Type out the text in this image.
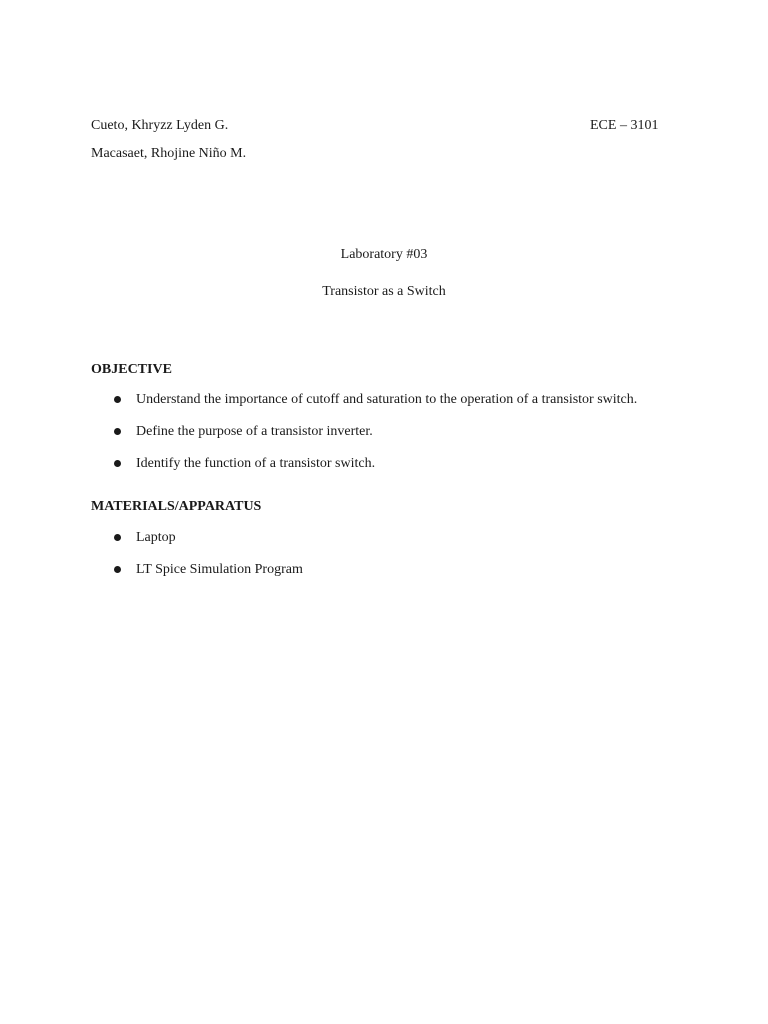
Cueto, Khryzz Lyden G.
Macasaet, Rhojine Niño M.
ECE – 3101
Laboratory #03
Transistor as a Switch
OBJECTIVE
Understand the importance of cutoff and saturation to the operation of a transistor switch.
Define the purpose of a transistor inverter.
Identify the function of a transistor switch.
MATERIALS/APPARATUS
Laptop
LT Spice Simulation Program
